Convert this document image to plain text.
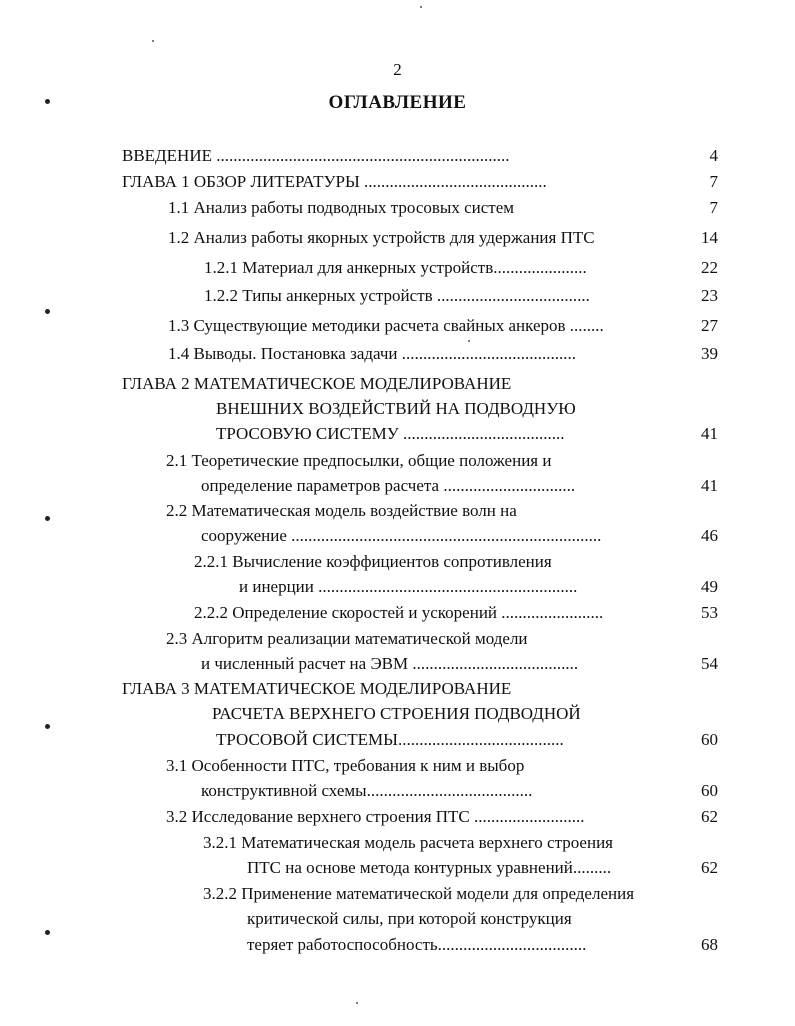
2
ОГЛАВЛЕНИЕ
ВВЕДЕНИЕ .....................................................................	4
ГЛАВА 1 ОБЗОР ЛИТЕРАТУРЫ ...........................................	7
1.1 Анализ работы подводных тросовых систем	7
1.2 Анализ работы якорных устройств для удержания ПТС	14
1.2.1 Материал для анкерных устройств......................	22
1.2.2 Типы анкерных устройств ....................................	23
1.3 Существующие методики расчета свайных анкеров ........	27
1.4 Выводы. Постановка задачи .........................................	39
ГЛАВА 2 МАТЕМАТИЧЕСКОЕ МОДЕЛИРОВАНИЕ
ВНЕШНИХ ВОЗДЕЙСТВИЙ НА ПОДВОДНУЮ
ТРОСОВУЮ СИСТЕМУ ......................................	41
2.1 Теоретические предпосылки, общие положения и
определение параметров расчета ...............................	41
2.2 Математическая модель воздействие волн на
сооружение .........................................................................	46
2.2.1 Вычисление коэффициентов сопротивления
и инерции .............................................................	49
2.2.2 Определение скоростей и ускорений ........................	53
2.3 Алгоритм реализации математической модели
и численный расчет на ЭВМ .......................................	54
ГЛАВА 3 МАТЕМАТИЧЕСКОЕ МОДЕЛИРОВАНИЕ
РАСЧЕТА ВЕРХНЕГО СТРОЕНИЯ ПОДВОДНОЙ
ТРОСОВОЙ СИСТЕМЫ.......................................	60
3.1 Особенности ПТС, требования к ним и выбор
конструктивной схемы.......................................	60
3.2 Исследование верхнего строения ПТС ..........................	62
3.2.1 Математическая модель расчета верхнего строения
ПТС на основе метода контурных уравнений.........	62
3.2.2 Применение математической модели для определения
критической силы, при которой конструкция
теряет работоспособность...................................	68
